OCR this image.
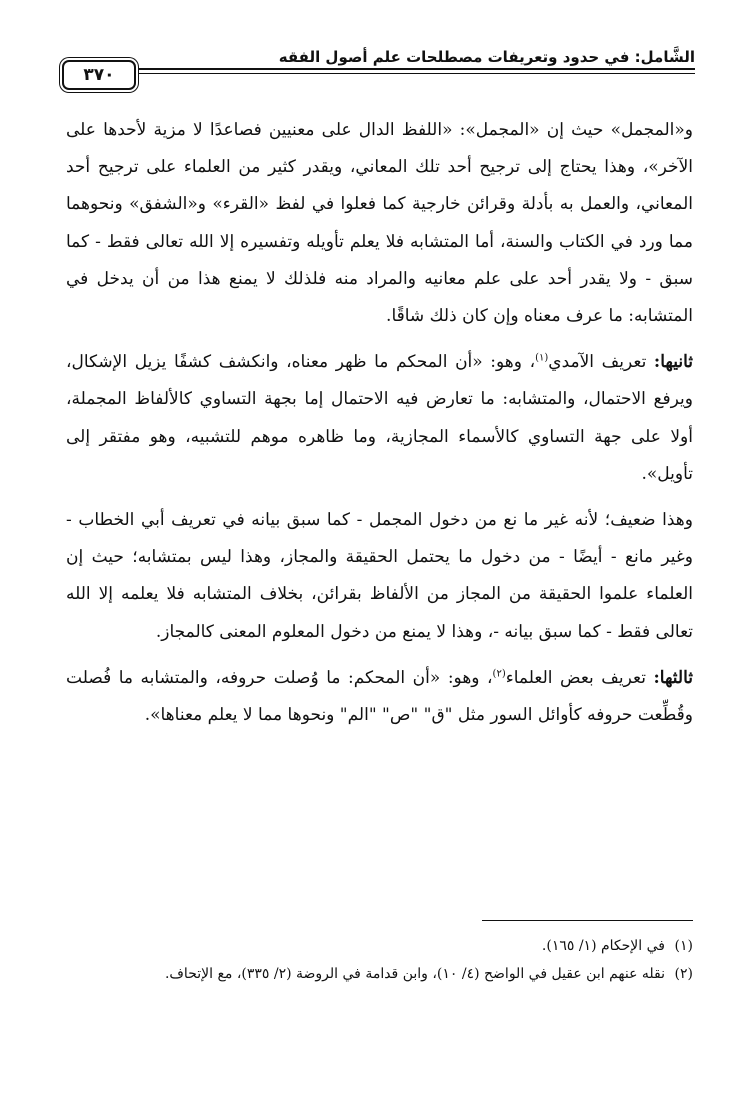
الشَّامل: في حدود وتعريفات مصطلحات علم أصول الفقه
٣٧٠

و«المجمل» حيث إن «المجمل»: «اللفظ الدال على معنيين فصاعدًا لا مزية لأحدها على الآخر»، وهذا يحتاج إلى ترجيح أحد تلك المعاني، ويقدر كثير من العلماء على ترجيح أحد المعاني، والعمل به بأدلة وقرائن خارجية كما فعلوا في لفظ «القرء» و«الشفق» ونحوهما مما ورد في الكتاب والسنة، أما المتشابه فلا يعلم تأويله وتفسيره إلا الله تعالى فقط - كما سبق - ولا يقدر أحد على علم معانيه والمراد منه فلذلك لا يمنع هذا من أن يدخل في المتشابه: ما عرف معناه وإن كان ذلك شاقًا.

ثانيها: تعريف الآمدي$^{(١)}$، وهو: «أن المحكم ما ظهر معناه، وانكشف كشفًا يزيل الإشكال، ويرفع الاحتمال، والمتشابه: ما تعارض فيه الاحتمال إما بجهة التساوي كالألفاظ المجملة، أولا على جهة التساوي كالأسماء المجازية، وما ظاهره موهم للتشبيه، وهو مفتقر إلى تأويل».

وهذا ضعيف؛ لأنه غير ما نع من دخول المجمل - كما سبق بيانه في تعريف أبي الخطاب - وغير مانع - أيضًا - من دخول ما يحتمل الحقيقة والمجاز، وهذا ليس بمتشابه؛ حيث إن العلماء علموا الحقيقة من المجاز من الألفاظ بقرائن، بخلاف المتشابه فلا يعلمه إلا الله تعالى فقط - كما سبق بيانه -، وهذا لا يمنع من دخول المعلوم المعنى كالمجاز.

ثالثها: تعريف بعض العلماء$^{(٢)}$، وهو: «أن المحكم: ما وُصلت حروفه، والمتشابه ما فُصلت وقُطِّعت حروفه كأوائل السور مثل "ق" "ص" "الم" ونحوها مما لا يعلم معناها».

(١)
في الإحكام (١/ ١٦٥).
(٢)
نقله عنهم ابن عقيل في الواضح (٤/ ١٠)، وابن قدامة في الروضة (٢/ ٣٣٥)، مع الإتحاف.
